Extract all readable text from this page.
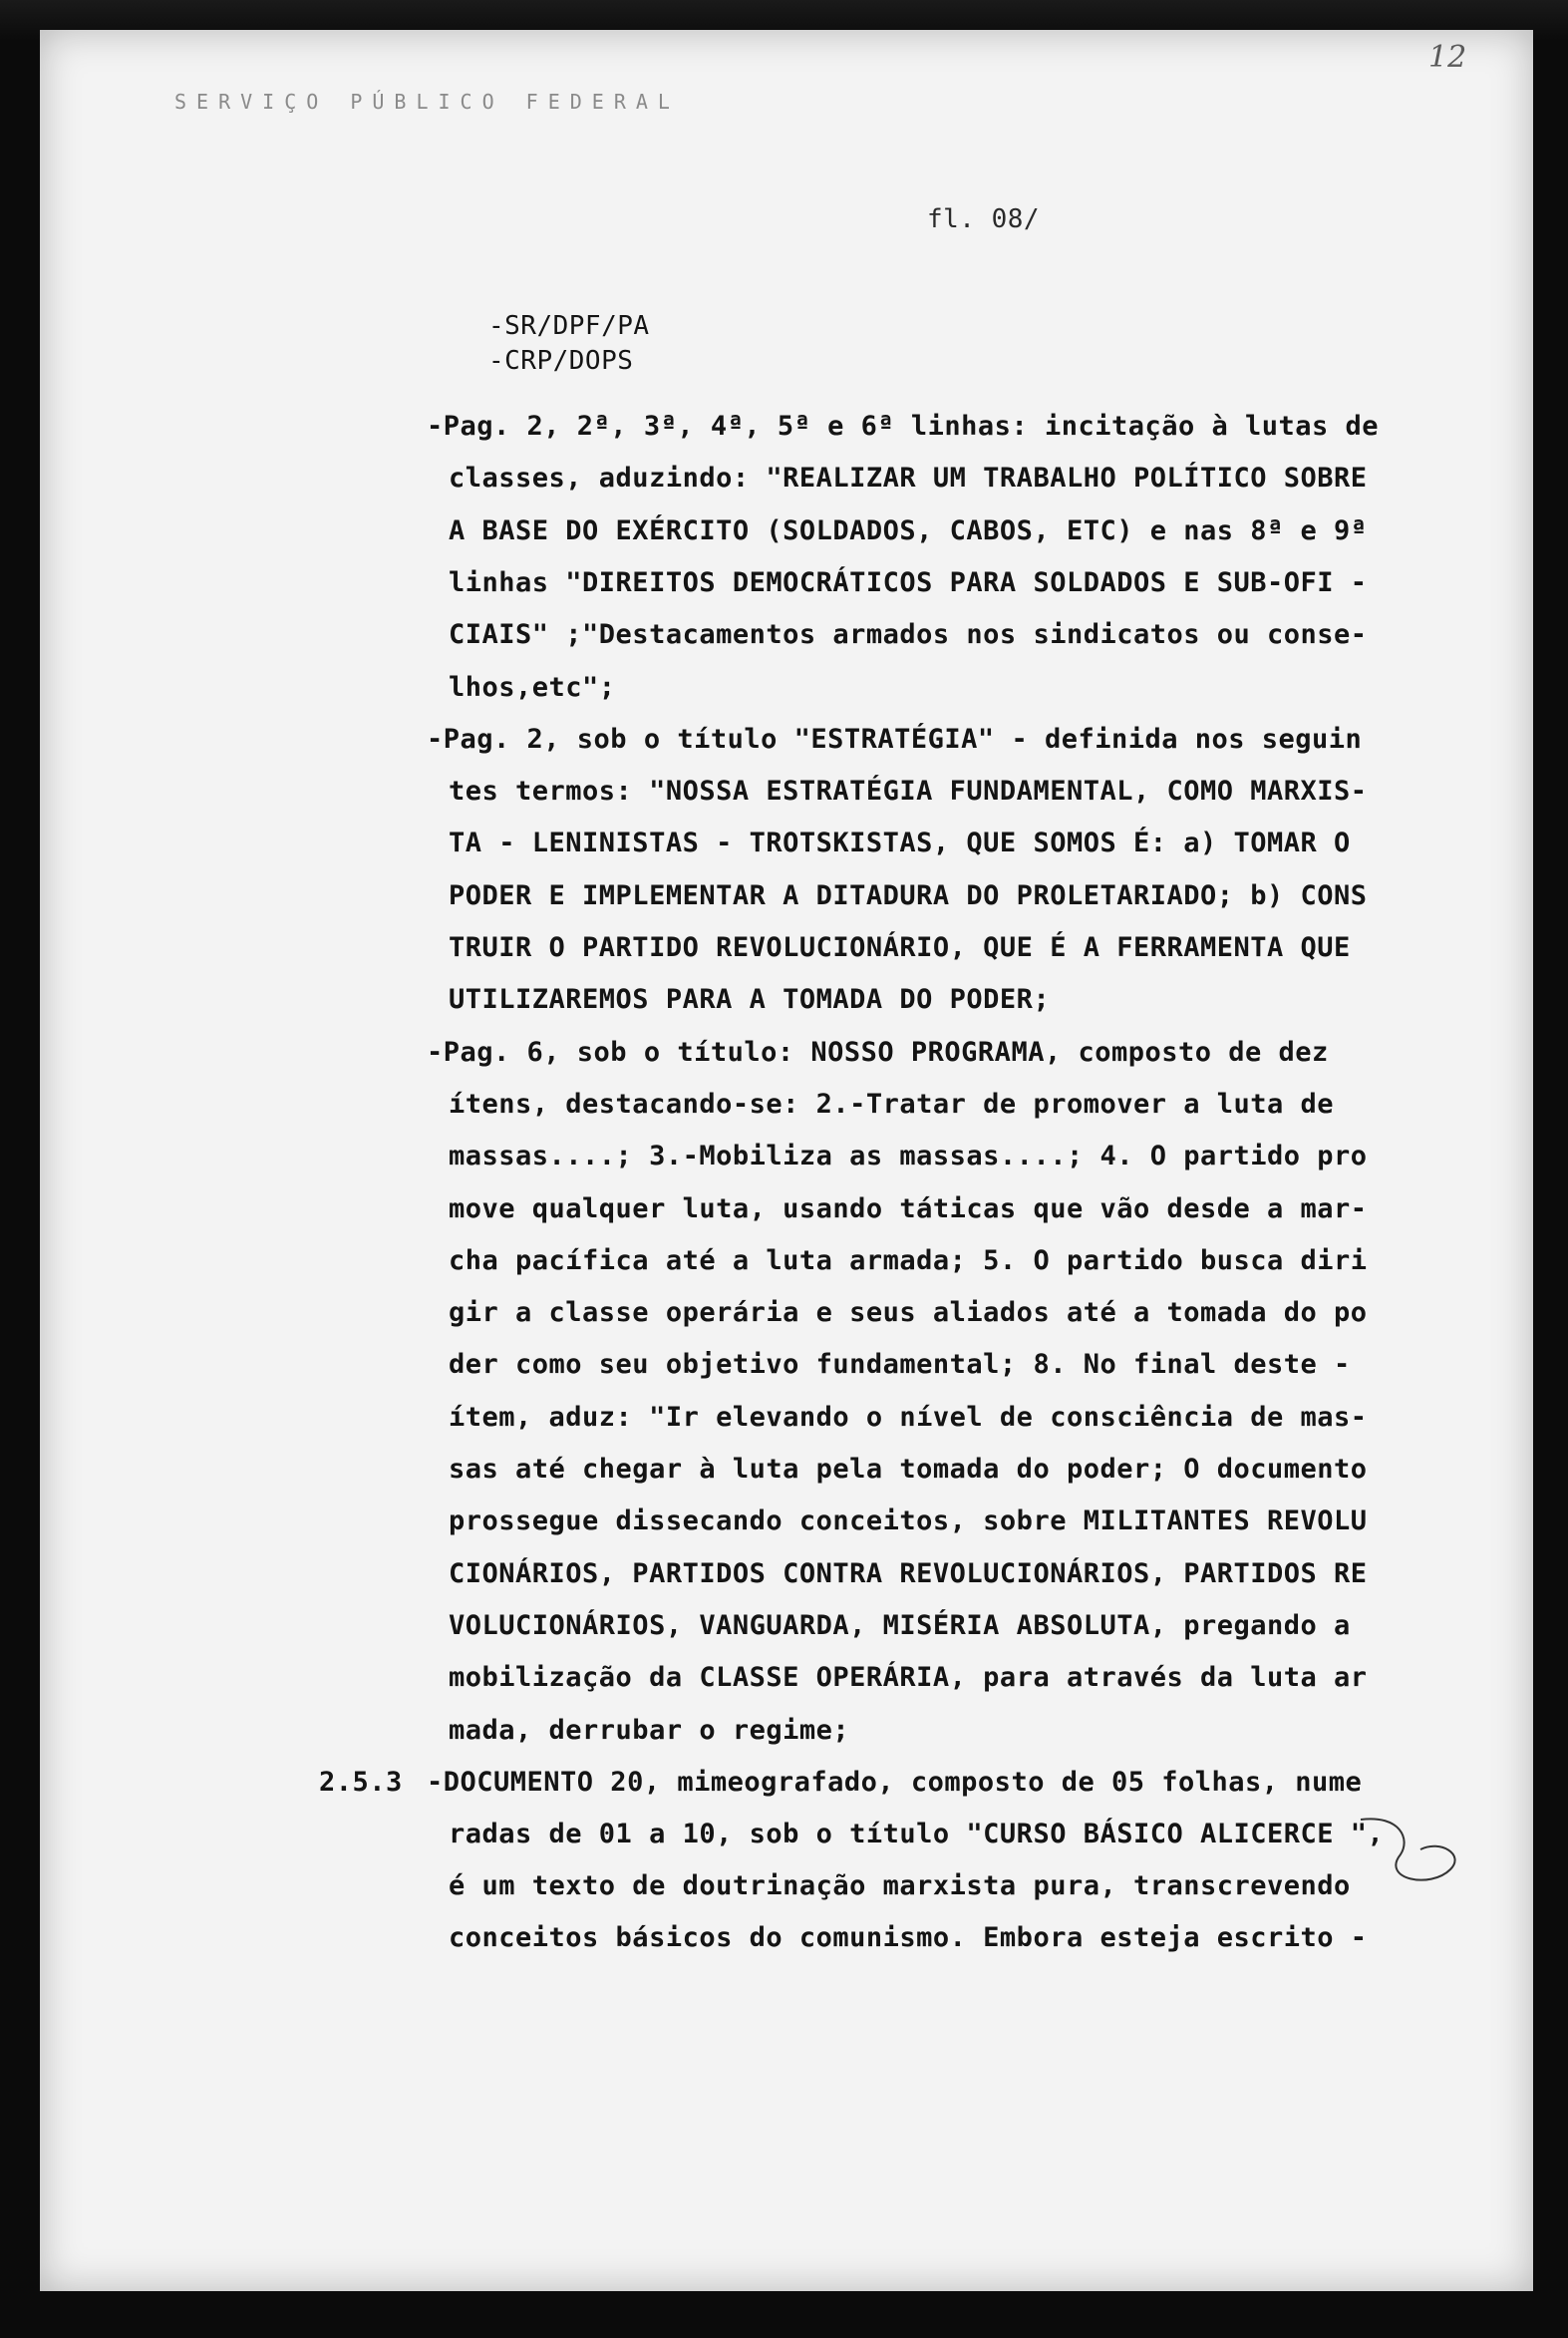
SERVIÇO PÚBLICO FEDERAL
12
fl. 08/
-SR/DPF/PA
-CRP/DOPS
-Pag. 2, 2ª, 3ª, 4ª, 5ª e 6ª linhas: incitação à lutas de
classes, aduzindo: "REALIZAR UM TRABALHO POLÍTICO SOBRE
A BASE DO EXÉRCITO (SOLDADOS, CABOS, ETC) e nas 8ª e 9ª
linhas "DIREITOS DEMOCRÁTICOS PARA SOLDADOS E SUB-OFI -
CIAIS" ;"Destacamentos armados nos sindicatos ou conse-
lhos,etc";
-Pag. 2, sob o título "ESTRATÉGIA" - definida nos seguin
tes termos: "NOSSA ESTRATÉGIA FUNDAMENTAL, COMO MARXIS-
TA - LENINISTAS - TROTSKISTAS, QUE SOMOS É: a) TOMAR O
PODER E IMPLEMENTAR A DITADURA DO PROLETARIADO; b) CONS
TRUIR O PARTIDO REVOLUCIONÁRIO, QUE É A FERRAMENTA QUE
UTILIZAREMOS PARA A TOMADA DO PODER;
-Pag. 6, sob o título: NOSSO PROGRAMA, composto de dez
ítens, destacando-se: 2.-Tratar de promover a luta de
massas....; 3.-Mobiliza as massas....; 4. O partido pro
move qualquer luta, usando táticas que vão desde a mar-
cha pacífica até a luta armada; 5. O partido busca diri
gir a classe operária e seus aliados até a tomada do po
der como seu objetivo fundamental; 8. No final deste -
ítem, aduz: "Ir elevando o nível de consciência de mas-
sas até chegar à luta pela tomada do poder; O documento
prossegue dissecando conceitos, sobre MILITANTES REVOLU
CIONÁRIOS, PARTIDOS CONTRA REVOLUCIONÁRIOS, PARTIDOS RE
VOLUCIONÁRIOS, VANGUARDA, MISÉRIA ABSOLUTA, pregando a
mobilização da CLASSE OPERÁRIA, para através da luta ar
mada, derrubar o regime;
2.5.3 -DOCUMENTO 20, mimeografado, composto de 05 folhas, nume
radas de 01 a 10, sob o título "CURSO BÁSICO ALICERCE ",
é um texto de doutrinação marxista pura, transcrevendo
conceitos básicos do comunismo. Embora esteja escrito -
